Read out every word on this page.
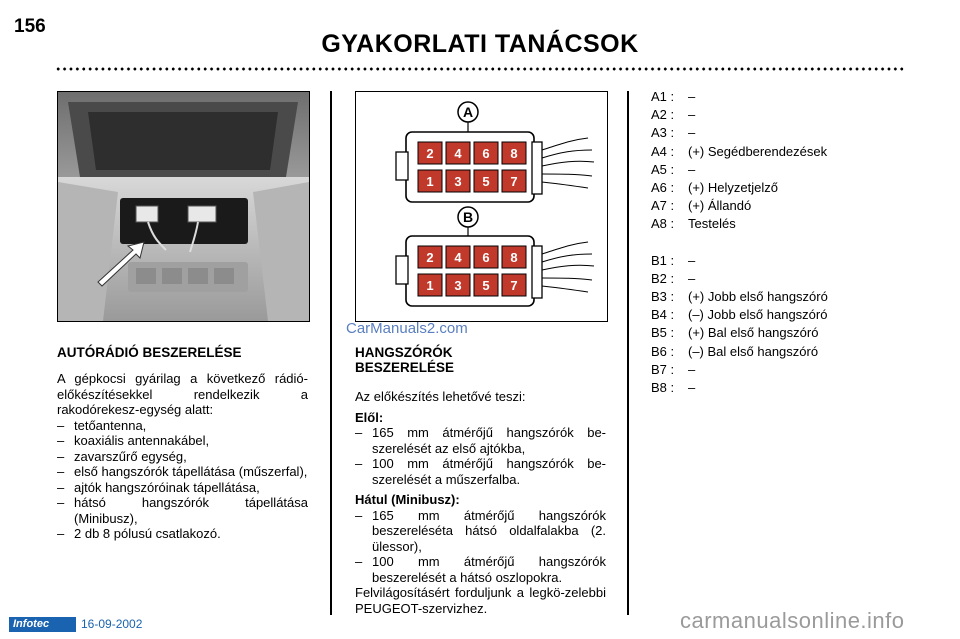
156
GYAKORLATI TANÁCSOK
A
B
2 4 6 8
1 3 5 7
2 4 6 8
1 3 5 7
AUTÓRÁDIÓ BESZERELÉSE
A gépkocsi gyárilag a következő rádió-előkészítésekkel rendelkezik a rakodórekesz-egység alatt:
– tetőantenna,
– koaxiális antennakábel,
– zavarszűrő egység,
– első hangszórók tápellátása (műszerfal),
– ajtók hangszóróinak tápellátása,
– hátsó hangszórók tápellátása (Minibusz),
– 2 db 8 pólusú csatlakozó.
HANGSZÓRÓK
BESZERELÉSE
Az előkészítés lehetővé teszi:
Elől:
– 165 mm átmérőjű hangszórók be-szerelését az első ajtókba,
– 100 mm átmérőjű hangszórók be-szerelését a műszerfalba.
Hátul (Minibusz):
– 165 mm átmérőjű hangszórók beszereléséta hátsó oldalfalakba (2. ülessor),
– 100 mm átmérőjű hangszórók beszerelését a hátsó oszlopokra.
Felvilágosításért forduljunk a legkö-zelebbi PEUGEOT-szervizhez.
A1 : –
A2 : –
A3 : –
A4 : (+) Segédberendezések
A5 : –
A6 : (+) Helyzetjelző
A7 : (+) Állandó
A8 : Testelés
B1 : –
B2 : –
B3 : (+) Jobb első hangszóró
B4 : (–) Jobb első hangszóró
B5 : (+) Bal első hangszóró
B6 : (–) Bal első hangszóró
B7 : –
B8 : –
CarManuals2.com
Infotec	16-09-2002	carmanualsonline.info
